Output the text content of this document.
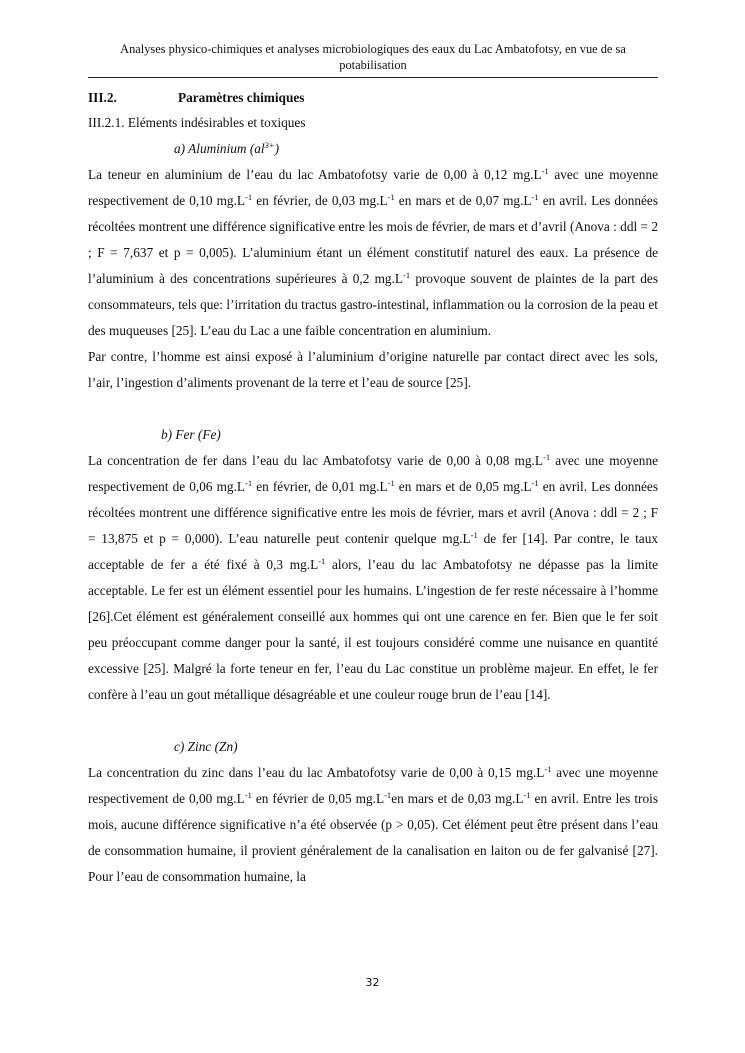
Analyses physico-chimiques et analyses microbiologiques des eaux du Lac Ambatofotsy, en vue de sa potabilisation
III.2.	Paramètres chimiques
III.2.1. Eléments indésirables et toxiques
a) Aluminium $(al^{3+})$

La teneur en aluminium de l’eau du lac Ambatofotsy varie de 0,00 à 0,12 $mg.L^{-1}$ avec une moyenne respectivement de 0,10 $mg.L^{-1}$ en février, de 0,03 $mg.L^{-1}$ en mars et de 0,07 $mg.L^{-1}$ en avril. Les données récoltées montrent une différence significative entre les mois de février, de mars et d’avril (Anova : ddl = 2 ; F = 7,637 et p = 0,005). L’aluminium étant un élément constitutif naturel des eaux. La présence de l’aluminium à des concentrations supérieures à 0,2 $mg.L^{-1}$ provoque souvent de plaintes de la part des consommateurs, tels que: l’irritation du tractus gastro-intestinal, inflammation ou la corrosion de la peau et des muqueuses [25]. L’eau du Lac a une faible concentration en aluminium.

Par contre, l’homme est ainsi exposé à l’aluminium d’origine naturelle par contact direct avec les sols, l’air, l’ingestion d’aliments provenant de la terre et l’eau de source [25].

b) Fer (Fe)

La concentration de fer dans l’eau du lac Ambatofotsy varie de 0,00 à 0,08 $mg.L^{-1}$ avec une moyenne respectivement de 0,06 $mg.L^{-1}$ en février, de 0,01 $mg.L^{-1}$ en mars et de 0,05 $mg.L^{-1}$ en avril. Les données récoltées montrent une différence significative entre les mois de février, mars et avril (Anova : ddl = 2 ; F = 13,875 et p = 0,000). L’eau naturelle peut contenir quelque $mg.L^{-1}$ de fer [14]. Par contre, le taux acceptable de fer a été fixé à 0,3 $mg.L^{-1}$ alors, l’eau du lac Ambatofotsy ne dépasse pas la limite acceptable. Le fer est un élément essentiel pour les humains. L’ingestion de fer reste nécessaire à l’homme [26].Cet élément est généralement conseillé aux hommes qui ont une carence en fer. Bien que le fer soit peu préoccupant comme danger pour la santé, il est toujours considéré comme une nuisance en quantité excessive [25]. Malgré la forte teneur en fer, l’eau du Lac constitue un problème majeur. En effet, le fer confère à l’eau un gout métallique désagréable et une couleur rouge brun de l’eau [14].

c) Zinc (Zn)

La concentration du zinc dans l’eau du lac Ambatofotsy varie de 0,00 à 0,15 $mg.L^{-1}$ avec une moyenne respectivement de 0,00 $mg.L^{-1}$ en février de 0,05 $mg.L^{-1}en$ mars et de 0,03 $mg.L^{-1}$ en avril. Entre les trois mois, aucune différence significative n’a été observée (p > 0,05). Cet élément peut être présent dans l’eau de consommation humaine, il provient généralement de la canalisation en laiton ou de fer galvanisé [27]. Pour l’eau de consommation humaine, la

32
